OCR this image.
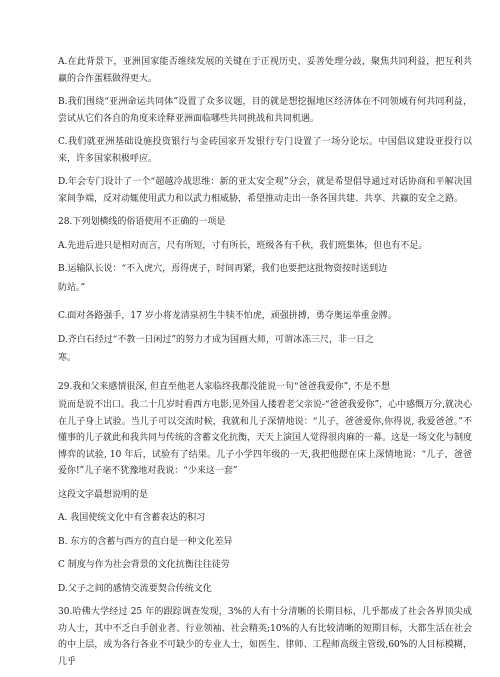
A.在此背景下，亚洲国家能否维续发展的关键在于正视历史、妥善处理分歧，聚焦共同利益，把互利共赢的合作蛋糕做得更大。

B.我们围绕“亚洲命运共同体”设置了众多议题，目的就是想挖掘地区经济体在不同领域有何共同利益，尝试从它们各自的角度来诠释亚洲面临哪些共同挑战和共同机遇。

C.我们就亚洲基础设施投资银行与金砖国家开发银行专门设置了一场分论坛。中国倡议建设亚投行以来，许多国家积极呼应。

D.年会专门设计了一个“超越冷战思维：新的亚太安全观”分会，就是希望倡导通过对话协商和平解决国家间争端，反对动辄使用武力和以武力相威胁，希望推动走出一条各国共建、共享、共赢的安全之路。

28.下列划横线的俗语使用不正确的一项是

A.先进后进只是相对而言，尺有所短，寸有所长，班级各有千秋，我们班集体，但也有不足。

B.运输队长说：“不入虎穴，焉得虎子，时间再紧，我们也要把这批物资按时送到边

防站。”

C.面对各路强手，17 岁小将龙清泉初生牛犊不怕虎，顽强拼搏，勇夺奥运举重金牌。

D.齐白石经过“不教一日闲过”的努力才成为国画大师，可谓冰冻三尺，非一日之

寒。

29.我和父来感情很深, 但直至他老人家临终我都没能说一句“爸爸我爱你”, 不是不想

说而是说不出口。我二十几岁时看西方电影,见外国人搂着老父亲说-“爸爸我爱你”，心中感慨万分,就决心在儿子身上试验。当儿子可以交流时候，我就和儿子深情地说：“儿子，爸爸爱你,你得说, 我爱爸爸。”不懂事的儿子就此和我共同与传统的含蓄文化抗衡，天天上演国人觉得很肉麻的一幕。这是一场文化与制度博弈的试验, 10 年后，试验有了结果。儿子小学四年级的一天,我把他摁在床上深情地说：“儿子，爸爸爱你!”儿子毫不犹豫地对我说：“少来这一套”

这段文字最想说明的是

A. 我国使统文化中有含蓄表达的积习

B. 东方的含蓄与西方的直白是一种文化差异

C 制度与作为社会背景的文化抗衡往往徒劳

D.父子之间的感情交流要契合传统文化

30.哈佛大学经过 25 年的跟踪调查发现，3%的人有十分清晰的长期目标，几乎都成了社会各界顶尖成功人士，其中不乏白手创业者、行业领袖、社会精英;10%的人有比较清晰的短期目标，大都生活在社会的中上层，成为各行各业不可缺少的专业人士，如医生、律师、工程师高级主管级,60%的人目标模糊，几乎
